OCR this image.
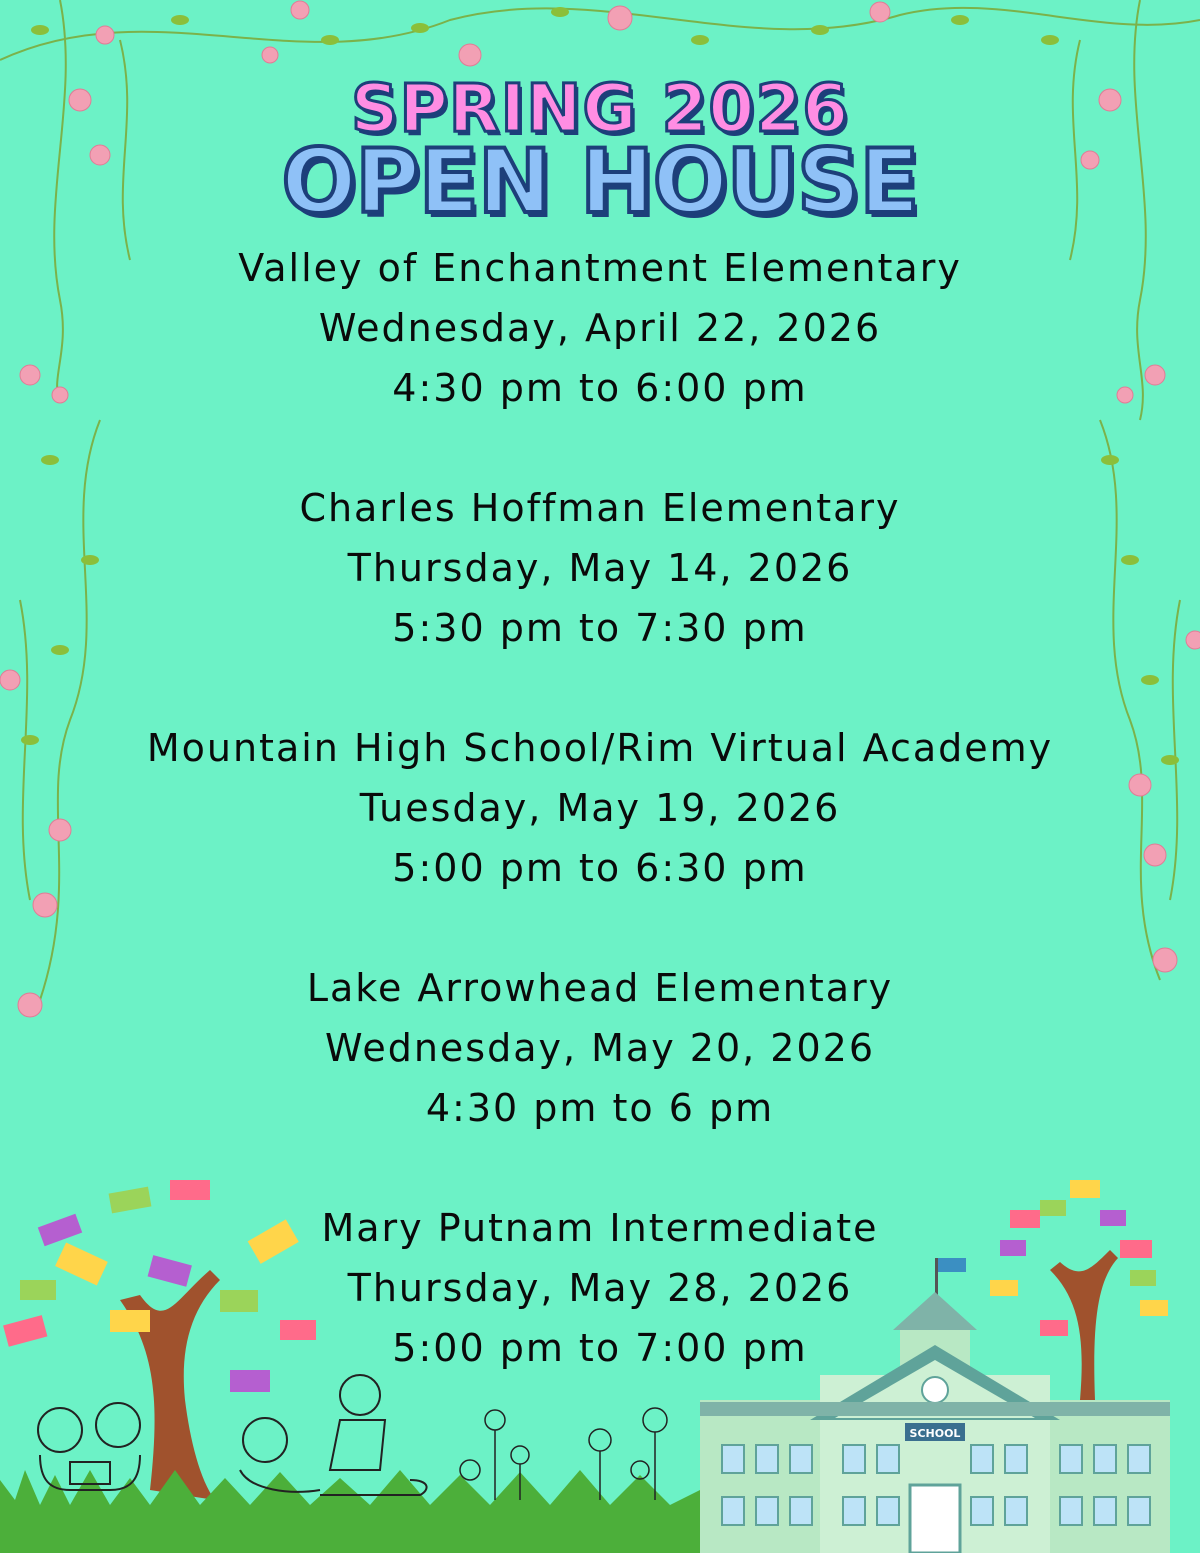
SCHOOL
SPRING 2026
OPEN HOUSE
Valley of Enchantment Elementary
Wednesday, April 22, 2026
4:30 pm to 6:00 pm
Charles Hoffman Elementary
Thursday, May 14, 2026
5:30 pm to 7:30 pm
Mountain High School/Rim Virtual Academy
Tuesday, May 19, 2026
5:00 pm to 6:30 pm
Lake Arrowhead Elementary
Wednesday, May 20, 2026
4:30 pm to 6 pm
Mary Putnam Intermediate
Thursday, May 28, 2026
5:00 pm to 7:00 pm
